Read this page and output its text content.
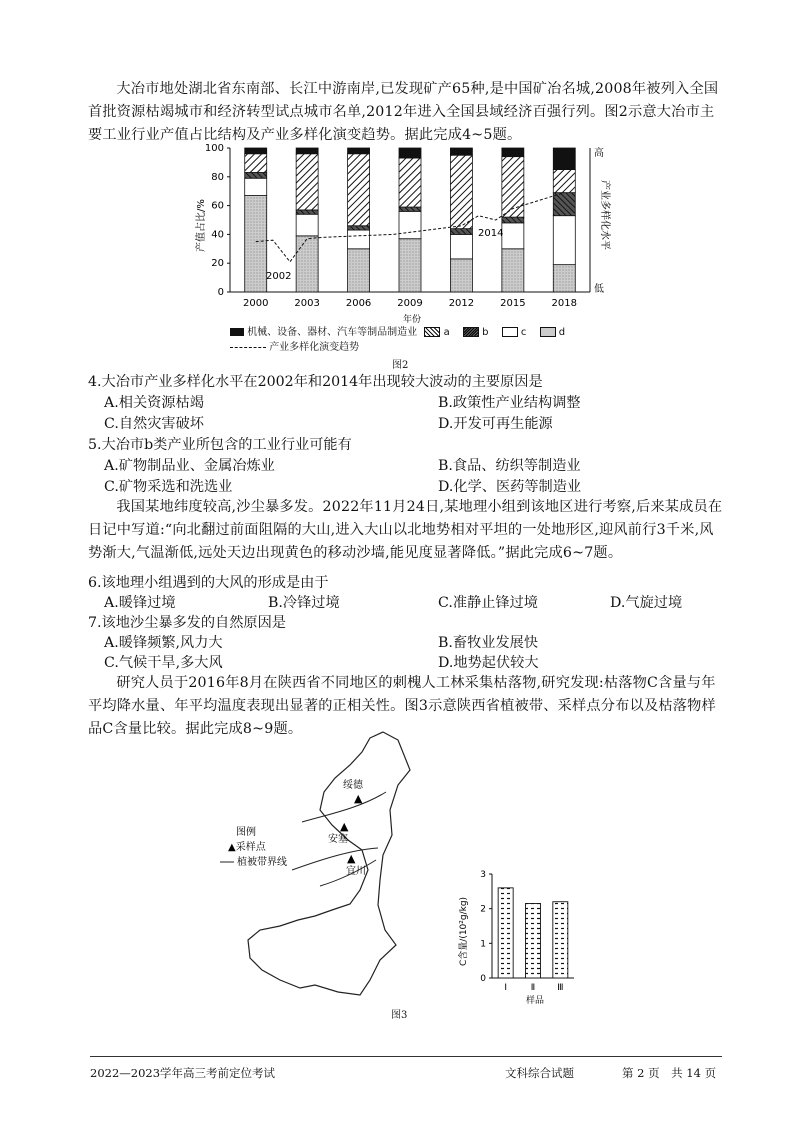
大冶市地处湖北省东南部、长江中游南岸,已发现矿产65种,是中国矿冶名城,2008年被列入全国首批资源枯竭城市和经济转型试点城市名单,2012年进入全国县域经济百强行列。图2示意大冶市主要工业行业产值占比结构及产业多样化演变趋势。据此完成4~5题。
0
20
40
60
80
100
2000	2003	2006	2009	2012	2015	2018
2002
2014
年份
产值占比/%
高
低
产业多样化水平
机械、设备、器材、汽车等制品制造业	a	b	c	d
产业多样化演变趋势
图2
4.大冶市产业多样化水平在2002年和2014年出现较大波动的主要原因是
A.相关资源枯竭	B.政策性产业结构调整
C.自然灾害破坏	D.开发可再生能源
5.大冶市b类产业所包含的工业行业可能有
A.矿物制品业、金属冶炼业	B.食品、纺织等制造业
C.矿物采选和洗选业	D.化学、医药等制造业
我国某地纬度较高,沙尘暴多发。2022年11月24日,某地理小组到该地区进行考察,后来某成员在日记中写道:“向北翻过前面阻隔的大山,进入大山以北地势相对平坦的一处地形区,迎风前行3千米,风势渐大,气温渐低,远处天边出现黄色的移动沙墙,能见度显著降低。”据此完成6~7题。
6.该地理小组遇到的大风的形成是由于
A.暖锋过境	B.冷锋过境	C.准静止锋过境	D.气旋过境
7.该地沙尘暴多发的自然原因是
A.暖锋频繁,风力大	B.畜牧业发展快
C.气候干旱,多大风	D.地势起伏较大
研究人员于2016年8月在陕西省不同地区的刺槐人工林采集枯落物,研究发现:枯落物C含量与年平均降水量、年平均温度表现出显著的正相关性。图3示意陕西省植被带、采样点分布以及枯落物样品C含量比较。据此完成8~9题。
▲
绥德
▲
安塞
▲
宜川
图例
▲采样点
植被带界线
0
1
2
3
Ⅰ	Ⅱ Ⅲ
C含量/(10²g/kg)
样品
图3
2022—2023学年高三考前定位考试	文科综合试题	第 2 页　共 14 页
